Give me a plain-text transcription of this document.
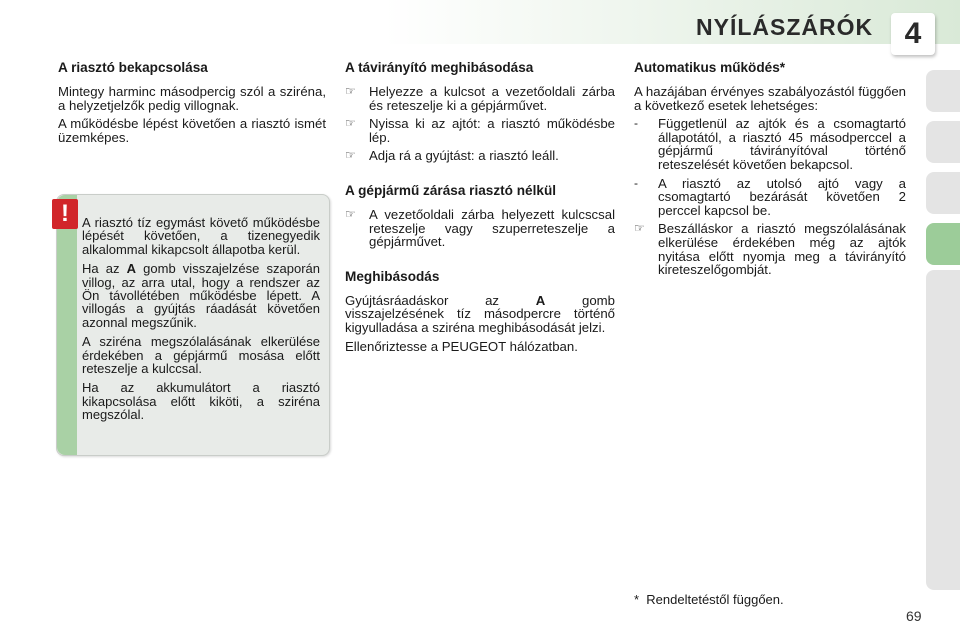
NYÍLÁSZÁRÓK	4
A riasztó bekapcsolása

Mintegy harminc másodpercig szól a sziréna, a helyzetjelzők pedig villognak.

A működésbe lépést követően a riasztó ismét üzemképes.

!	A riasztó tíz egymást követő működésbe lépését követően, a tizenegyedik alkalommal kikapcsolt állapotba kerül.

Ha az A gomb visszajelzése szaporán villog, az arra utal, hogy a rendszer az Ön távollétében működésbe lépett. A villogás a gyújtás ráadását követően azonnal megszűnik.

A sziréna megszólalásának elkerülése érdekében a gépjármű mosása előtt reteszelje a kulccsal.

Ha az akkumulátort a riasztó kikapcsolása előtt kiköti, a sziréna megszólal.

A távirányító meghibásodása
☞	Helyezze a kulcsot a vezetőoldali zárba és reteszelje ki a gépjárművet.
☞	Nyissa ki az ajtót: a riasztó működésbe lép.
☞	Adja rá a gyújtást: a riasztó leáll.
A gépjármű zárása riasztó nélkül
☞	A vezetőoldali zárba helyezett kulcscsal reteszelje vagy szuperreteszelje a gépjárművet.
Meghibásodás

Gyújtásráadáskor az A gomb visszajelzésének tíz másodpercre történő kigyulladása a sziréna meghibásodását jelzi.

Ellenőriztesse a PEUGEOT hálózatban.

Automatikus működés*

A hazájában érvényes szabályozástól függően a következő esetek lehetséges:

-	Függetlenül az ajtók és a csomagtartó állapotától, a riasztó 45 másodperccel a gépjármű távirányítóval történő reteszelését követően bekapcsol.
-	A riasztó az utolsó ajtó vagy a csomagtartó bezárását követően 2 perccel kapcsol be.
☞	Beszálláskor a riasztó megszólalásának elkerülése érdekében még az ajtók nyitása előtt nyomja meg a távirányító kireteszelőgombját.
* Rendeltetéstől függően.
69
